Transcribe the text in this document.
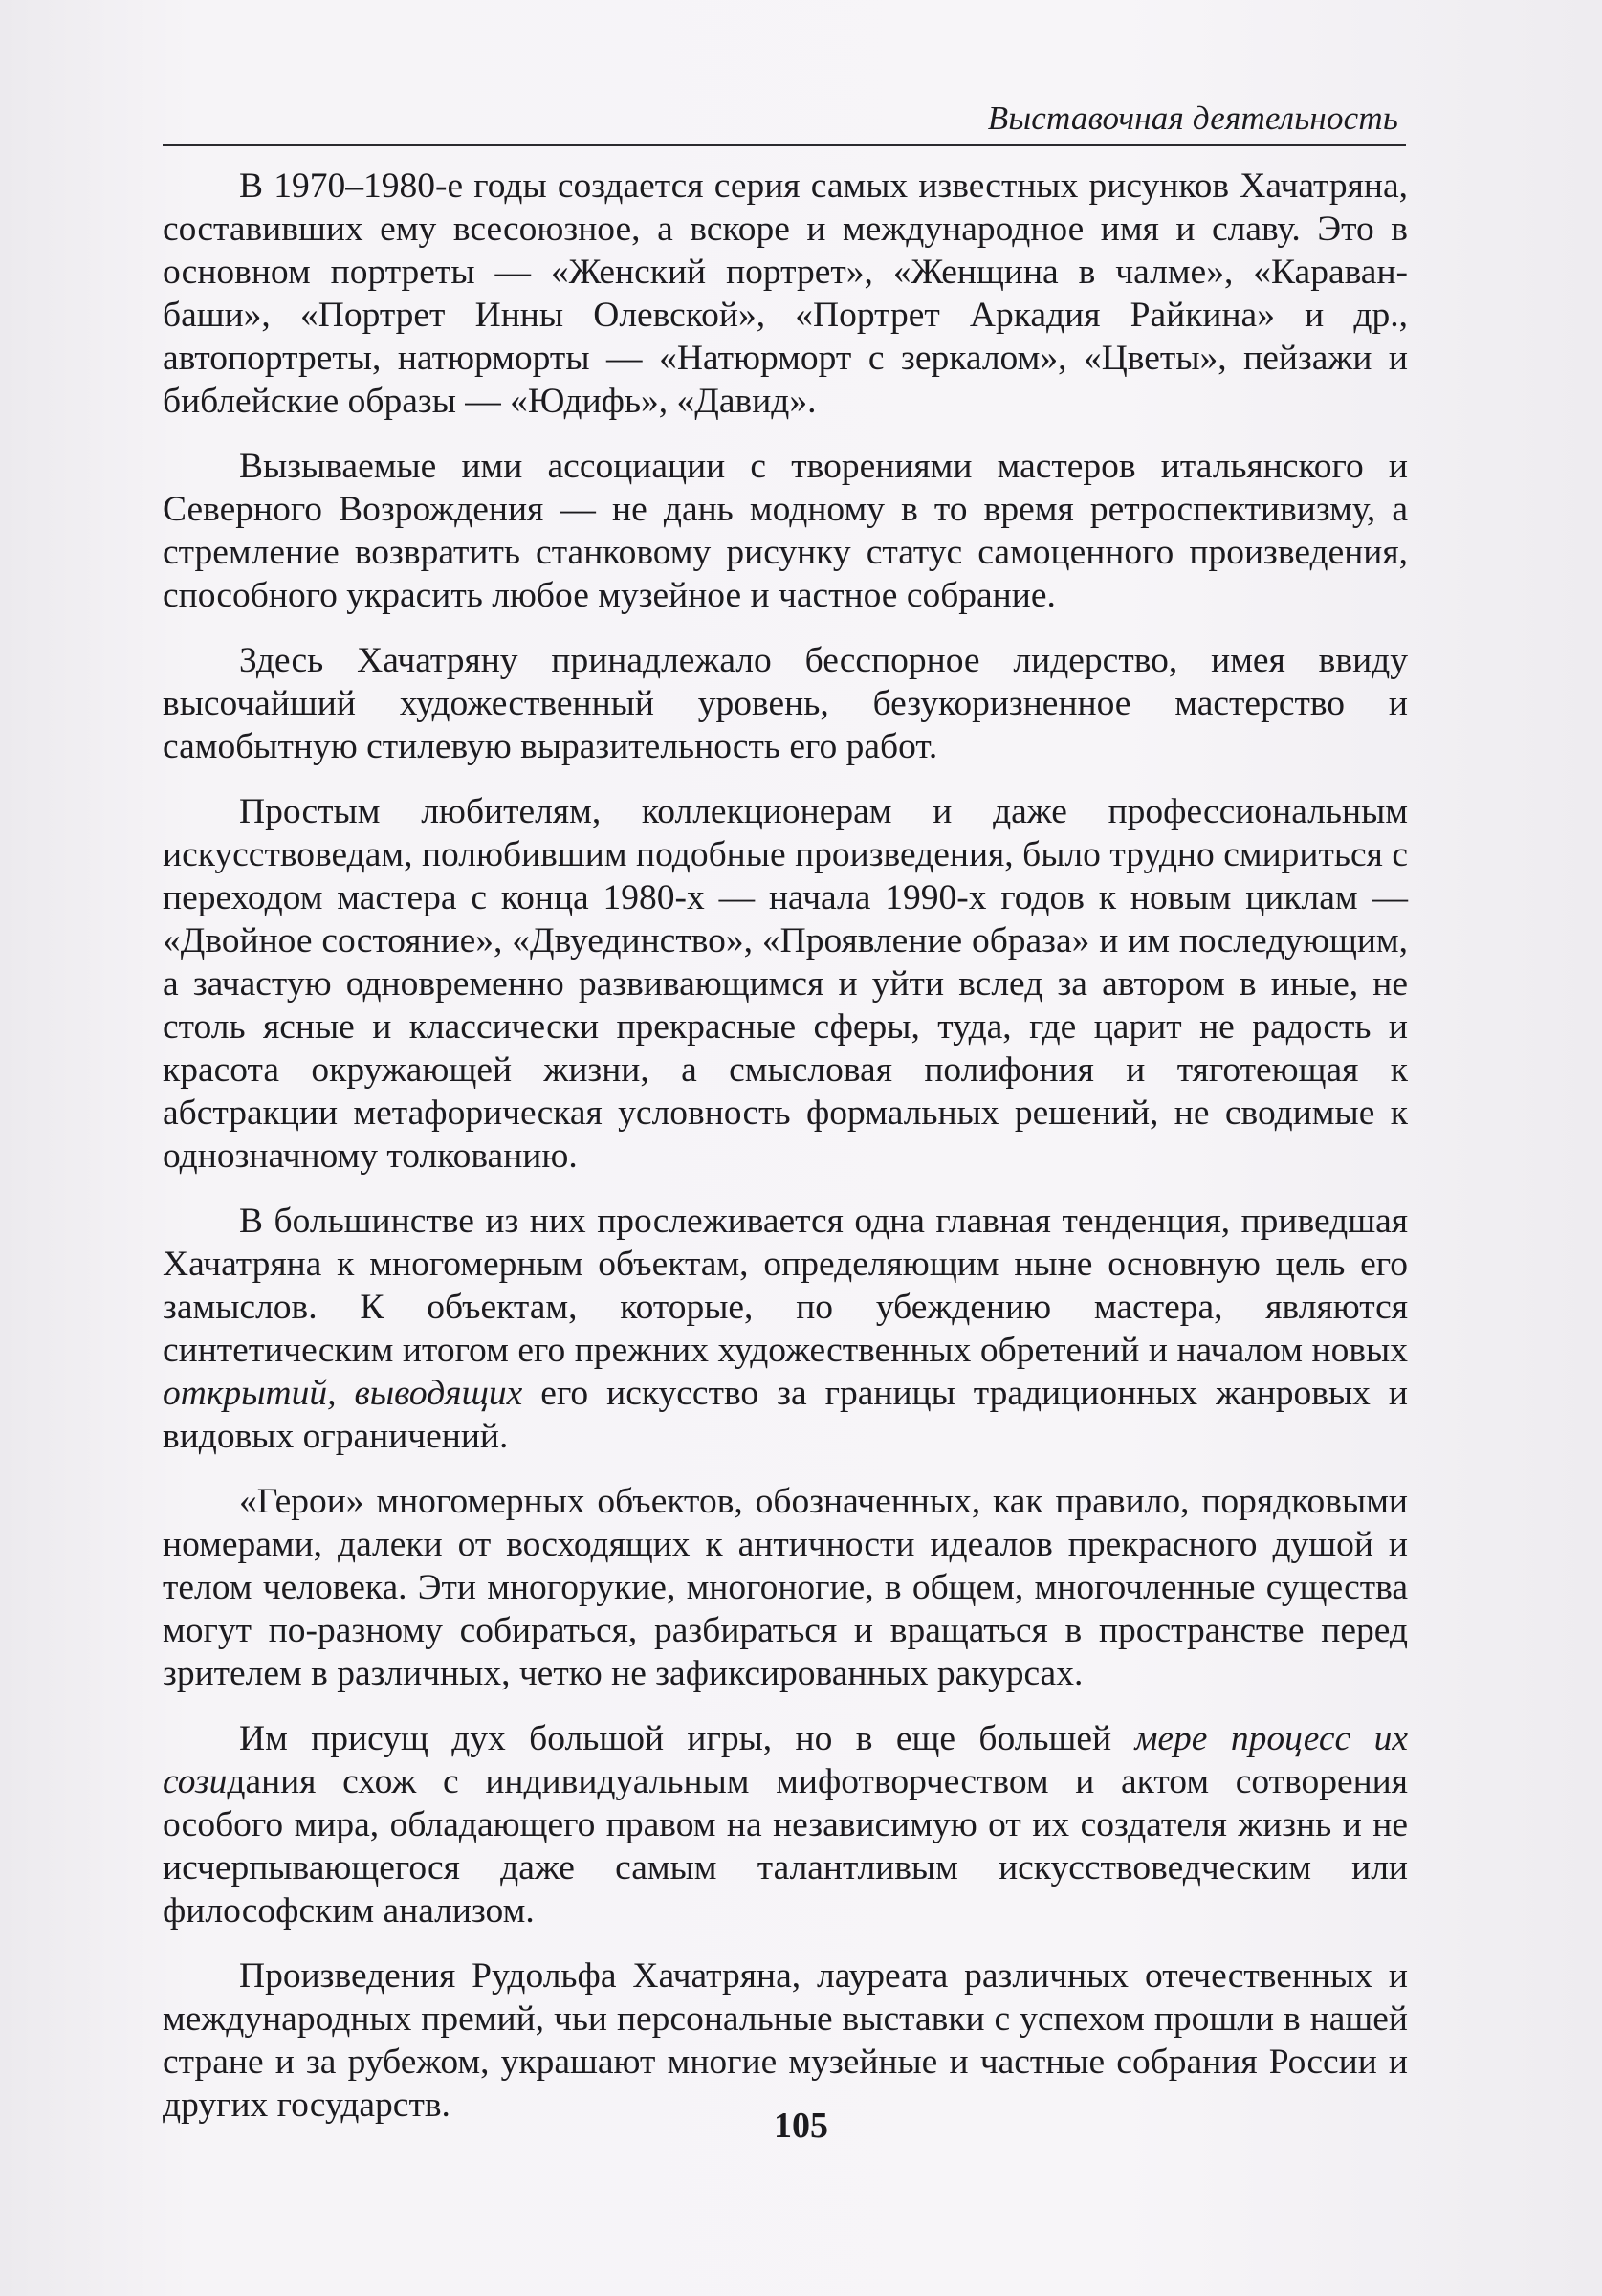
Выставочная деятельность

В 1970–1980-е годы создается серия самых известных рисунков Хачатряна, составивших ему всесоюзное, а вскоре и международное имя и славу. Это в основном портреты — «Женский портрет», «Женщина в чалме», «Караван-баши», «Портрет Инны Олевской», «Портрет Аркадия Райкина» и др., автопортреты, натюрморты — «Натюрморт с зеркалом», «Цветы», пейзажи и библейские образы — «Юдифь», «Давид».

Вызываемые ими ассоциации с творениями мастеров итальянского и Северного Возрождения — не дань модному в то время ретроспективизму, а стремление возвратить станковому рисунку статус самоценного произведения, способного украсить любое музейное и частное собрание.

Здесь Хачатряну принадлежало бесспорное лидерство, имея ввиду высочайший художественный уровень, безукоризненное мастерство и самобытную стилевую выразительность его работ.

Простым любителям, коллекционерам и даже профессиональным искусствоведам, полюбившим подобные произведения, было трудно смириться с переходом мастера с конца 1980-х — начала 1990-х годов к новым циклам — «Двойное состояние», «Двуединство», «Проявление образа» и им последующим, а зачастую одновременно развивающимся и уйти вслед за автором в иные, не столь ясные и классически прекрасные сферы, туда, где царит не радость и красота окружающей жизни, а смысловая полифония и тяготеющая к абстракции метафорическая условность формальных решений, не сводимые к однозначному толкованию.

В большинстве из них прослеживается одна главная тенденция, приведшая Хачатряна к многомерным объектам, определяющим ныне основную цель его замыслов. К объектам, которые, по убеждению мастера, являются синтетическим итогом его прежних художественных обретений и началом новых открытий, выводящих его искусство за границы традиционных жанровых и видовых ограничений.

«Герои» многомерных объектов, обозначенных, как правило, порядковыми номерами, далеки от восходящих к античности идеалов прекрасного душой и телом человека. Эти многорукие, многоногие, в общем, многочленные существа могут по-разному собираться, разбираться и вращаться в пространстве перед зрителем в различных, четко не зафиксированных ракурсах.

Им присущ дух большой игры, но в еще большей мере процесс их созидания схож с индивидуальным мифотворчеством и актом сотворения особого мира, обладающего правом на независимую от их создателя жизнь и не исчерпывающегося даже самым талантливым искусствоведческим или философским анализом.

Произведения Рудольфа Хачатряна, лауреата различных отечественных и международных премий, чьи персональные выставки с успехом прошли в нашей стране и за рубежом, украшают многие музейные и частные собрания России и других государств.

105
